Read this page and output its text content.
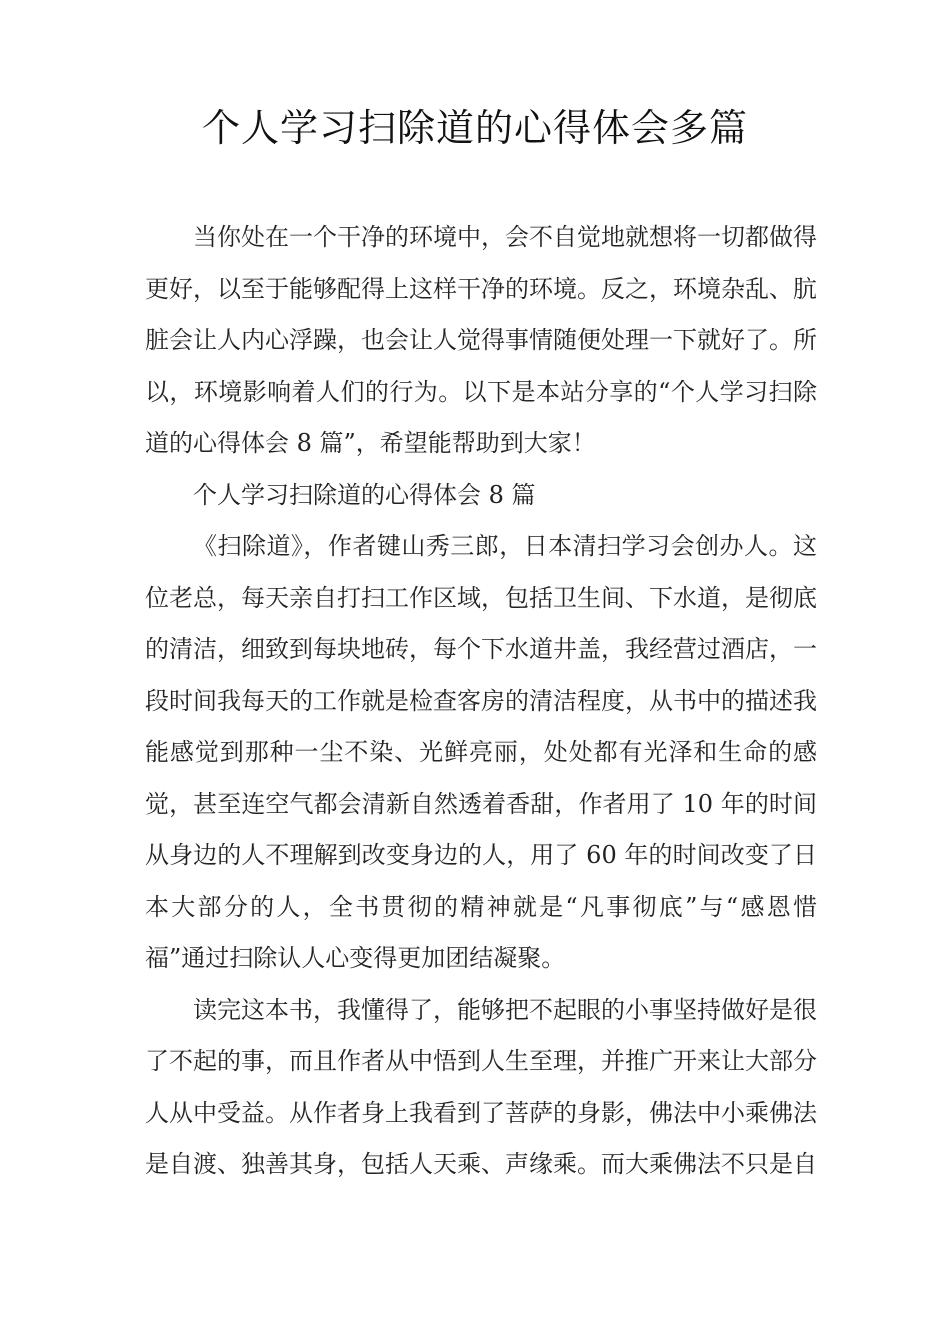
个人学习扫除道的心得体会多篇

当你处在一个干净的环境中，会不自觉地就想将一切都做得更好，以至于能够配得上这样干净的环境。反之，环境杂乱、肮脏会让人内心浮躁，也会让人觉得事情随便处理一下就好了。所以，环境影响着人们的行为。以下是本站分享的“个人学习扫除道的心得体会 8 篇”，希望能帮助到大家！

个人学习扫除道的心得体会 8 篇

《扫除道》，作者键山秀三郎，日本清扫学习会创办人。这位老总，每天亲自打扫工作区域，包括卫生间、下水道，是彻底的清洁，细致到每块地砖，每个下水道井盖，我经营过酒店，一段时间我每天的工作就是检查客房的清洁程度，从书中的描述我能感觉到那种一尘不染、光鲜亮丽，处处都有光泽和生命的感觉，甚至连空气都会清新自然透着香甜，作者用了 10 年的时间从身边的人不理解到改变身边的人，用了 60 年的时间改变了日本大部分的人，全书贯彻的精神就是“凡事彻底”与“感恩惜福”通过扫除认人心变得更加团结凝聚。

读完这本书，我懂得了，能够把不起眼的小事坚持做好是很了不起的事，而且作者从中悟到人生至理，并推广开来让大部分人从中受益。从作者身上我看到了菩萨的身影，佛法中小乘佛法是自渡、独善其身，包括人天乘、声缘乘。而大乘佛法不只是自
